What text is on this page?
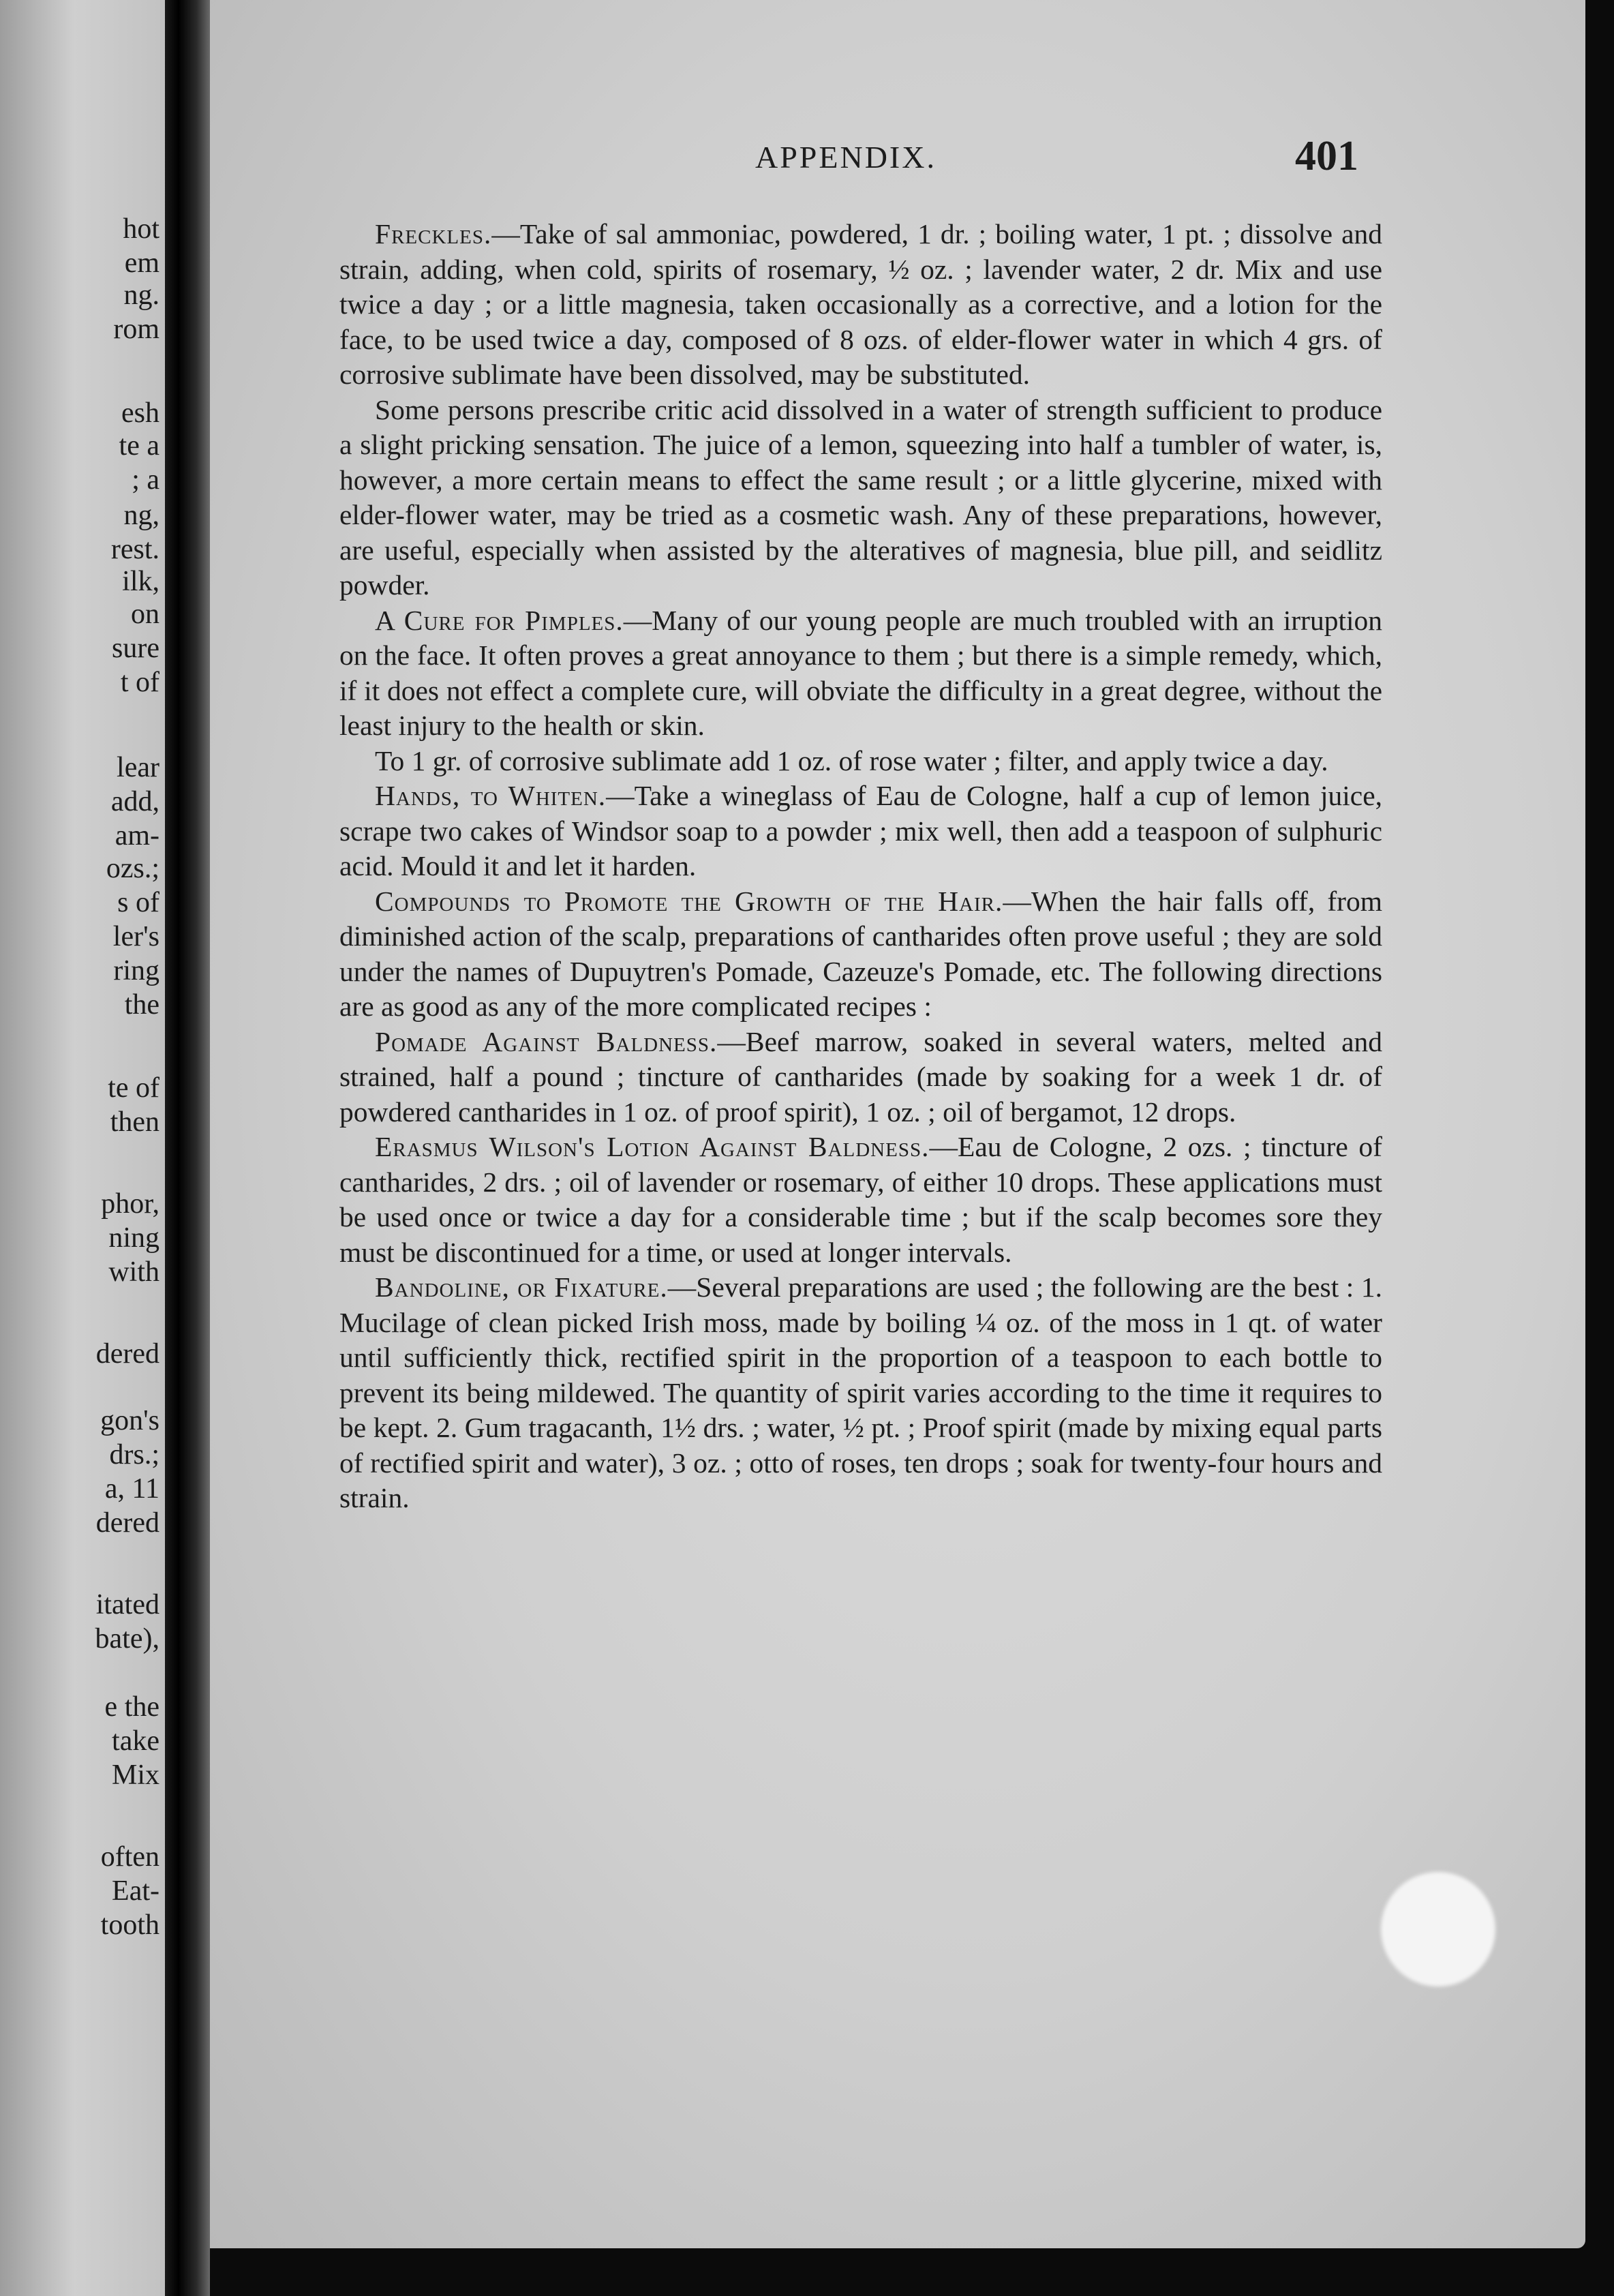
hot
em
ng.
rom
esh
te a
; a
ng,
rest.
ilk,
on
sure
t of
lear
add,
am-
ozs.;
s of
ler's
ring
the
te of
then
phor,
ning
with
dered
gon's
drs.;
a, 11
dered
itated
bate),
e the
take
Mix
often
Eat-
tooth
APPENDIX.	401

Freckles.—Take of sal ammoniac, powdered, 1 dr. ; boiling water, 1 pt. ; dissolve and strain, adding, when cold, spirits of rosemary, ½ oz. ; lavender water, 2 dr. Mix and use twice a day ; or a little magnesia, taken occasionally as a corrective, and a lotion for the face, to be used twice a day, composed of 8 ozs. of elder-flower water in which 4 grs. of corrosive sublimate have been dissolved, may be substituted.

Some persons prescribe critic acid dissolved in a water of strength sufficient to produce a slight pricking sensation. The juice of a lemon, squeezing into half a tumbler of water, is, however, a more certain means to effect the same result ; or a little glycerine, mixed with elder-flower water, may be tried as a cosmetic wash. Any of these preparations, however, are useful, especially when assisted by the alteratives of magnesia, blue pill, and seidlitz powder.

A Cure for Pimples.—Many of our young people are much troubled with an irruption on the face. It often proves a great annoyance to them ; but there is a simple remedy, which, if it does not effect a complete cure, will obviate the difficulty in a great degree, without the least injury to the health or skin.

To 1 gr. of corrosive sublimate add 1 oz. of rose water ; filter, and apply twice a day.

Hands, to Whiten.—Take a wineglass of Eau de Cologne, half a cup of lemon juice, scrape two cakes of Windsor soap to a powder ; mix well, then add a teaspoon of sulphuric acid. Mould it and let it harden.

Compounds to Promote the Growth of the Hair.—When the hair falls off, from diminished action of the scalp, preparations of cantharides often prove useful ; they are sold under the names of Dupuytren's Pomade, Cazeuze's Pomade, etc. The following directions are as good as any of the more complicated recipes :

Pomade Against Baldness.—Beef marrow, soaked in several waters, melted and strained, half a pound ; tincture of cantharides (made by soaking for a week 1 dr. of powdered cantharides in 1 oz. of proof spirit), 1 oz. ; oil of bergamot, 12 drops.

Erasmus Wilson's Lotion Against Baldness.—Eau de Cologne, 2 ozs. ; tincture of cantharides, 2 drs. ; oil of lavender or rosemary, of either 10 drops. These applications must be used once or twice a day for a considerable time ; but if the scalp becomes sore they must be discontinued for a time, or used at longer intervals.

Bandoline, or Fixature.—Several preparations are used ; the following are the best : 1. Mucilage of clean picked Irish moss, made by boiling ¼ oz. of the moss in 1 qt. of water until sufficiently thick, rectified spirit in the proportion of a teaspoon to each bottle to prevent its being mildewed. The quantity of spirit varies according to the time it requires to be kept. 2. Gum tragacanth, 1½ drs. ; water, ½ pt. ; Proof spirit (made by mixing equal parts of rectified spirit and water), 3 oz. ; otto of roses, ten drops ; soak for twenty-four hours and strain.
